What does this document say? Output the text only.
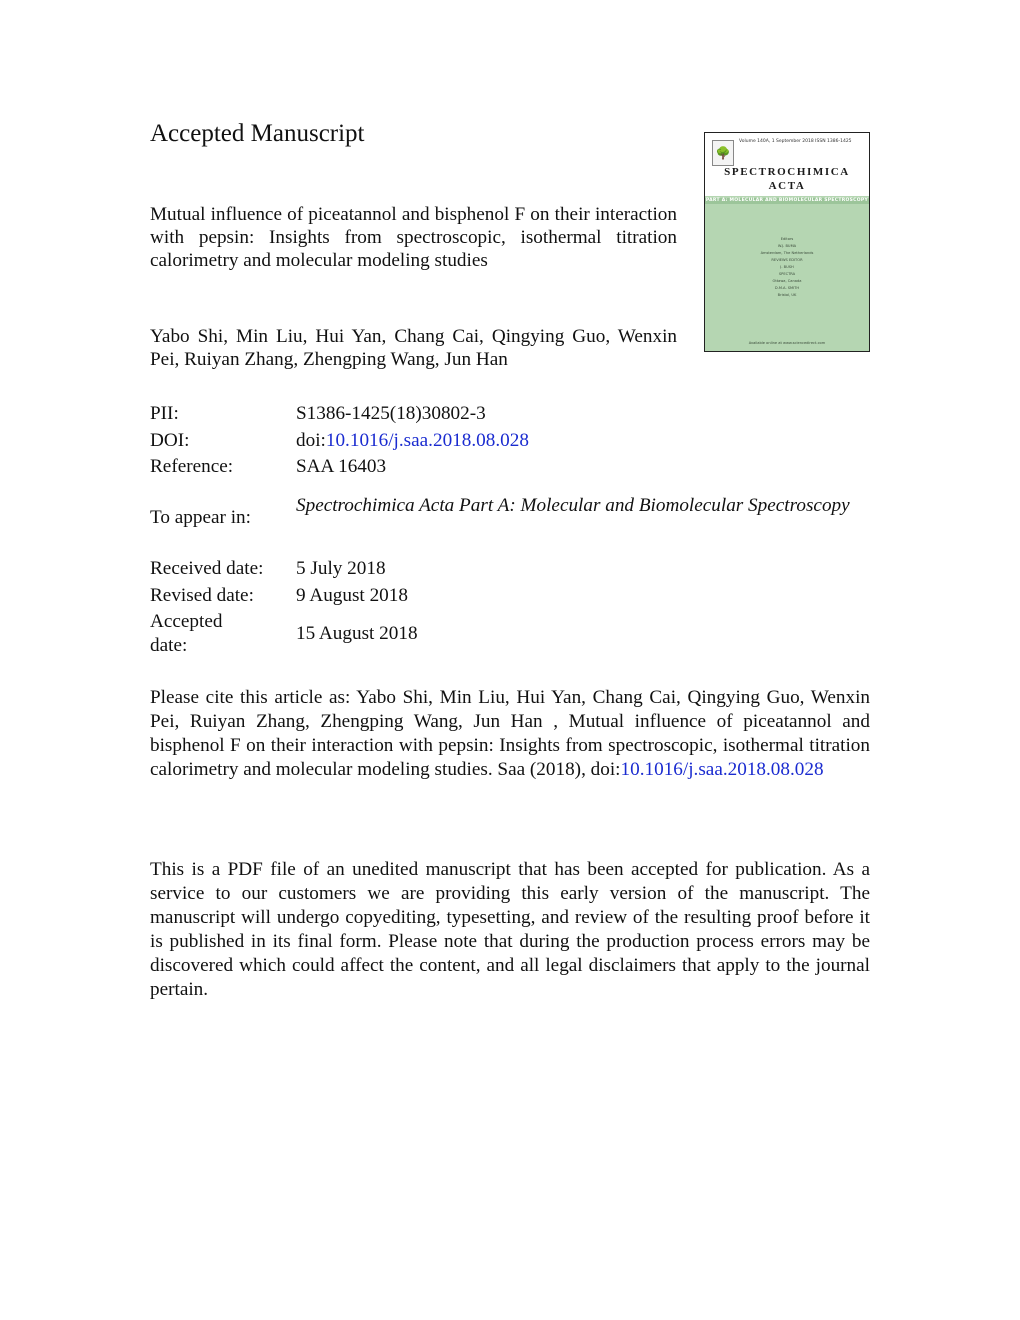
Accepted Manuscript
Mutual influence of piceatannol and bisphenol F on their interaction with pepsin: Insights from spectroscopic, isothermal titration calorimetry and molecular modeling studies

Yabo Shi, Min Liu, Hui Yan, Chang Cai, Qingying Guo, Wenxin Pei, Ruiyan Zhang, Zhengping Wang, Jun Han

🌳
Volume 140A, 1 September 2018 ISSN 1386-1425
SPECTROCHIMICA
ACTA
PART A: MOLECULAR AND BIOMOLECULAR SPECTROSCOPY
Editors
W.J. BUMA
Amsterdam, The Netherlands
REVIEWS EDITOR
J. BUSH
SPECTRA
Ottawa, Canada
D.M.A. SMITH
Bristol, UK
Available online at www.sciencedirect.com
PII:	S1386-1425(18)30802-3
DOI:	doi:10.1016/j.saa.2018.08.028
Reference:	SAA 16403
To appear in:
Spectrochimica Acta Part A: Molecular and Biomolecular Spectroscopy
Received date:	5 July 2018
Revised date:	9 August 2018
Accepted date:
15 August 2018

Please cite this article as: Yabo Shi, Min Liu, Hui Yan, Chang Cai, Qingying Guo, Wenxin Pei, Ruiyan Zhang, Zhengping Wang, Jun Han , Mutual influence of piceatannol and bisphenol F on their interaction with pepsin: Insights from spectroscopic, isothermal titration calorimetry and molecular modeling studies. Saa (2018), doi:10.1016/j.saa.2018.08.028

This is a PDF file of an unedited manuscript that has been accepted for publication. As a service to our customers we are providing this early version of the manuscript. The manuscript will undergo copyediting, typesetting, and review of the resulting proof before it is published in its final form. Please note that during the production process errors may be discovered which could affect the content, and all legal disclaimers that apply to the journal pertain.
